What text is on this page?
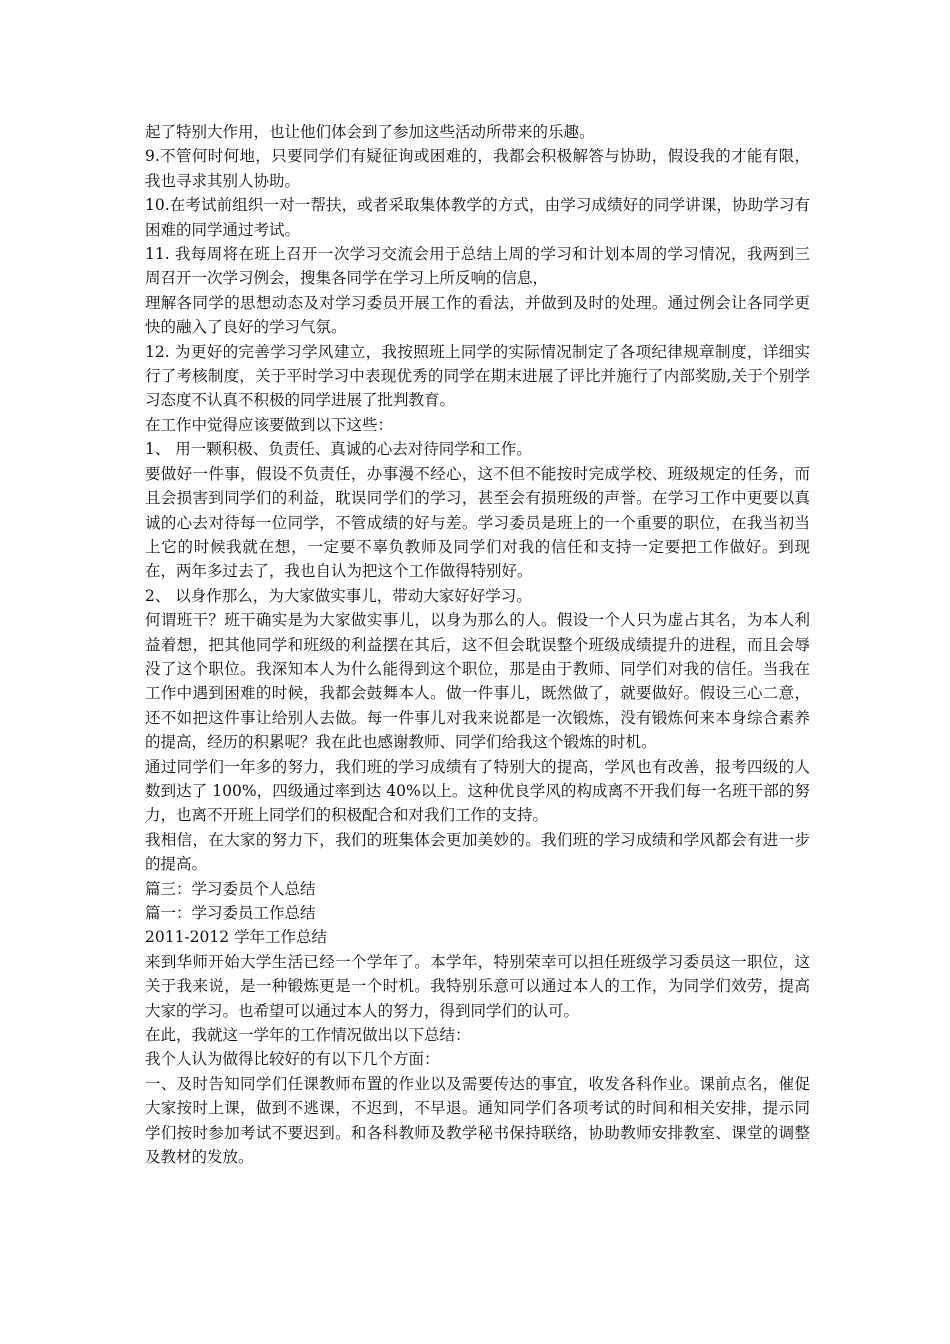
起了特别大作用，也让他们体会到了参加这些活动所带来的乐趣。

9.不管何时何地，只要同学们有疑征询或困难的，我都会积极解答与协助，假设我的才能有限，我也寻求其别人协助。

10.在考试前组织一对一帮扶，或者采取集体教学的方式，由学习成绩好的同学讲课，协助学习有困难的同学通过考试。

11. 我每周将在班上召开一次学习交流会用于总结上周的学习和计划本周的学习情况，我两到三周召开一次学习例会，搜集各同学在学习上所反响的信息，

理解各同学的思想动态及对学习委员开展工作的看法，并做到及时的处理。通过例会让各同学更快的融入了良好的学习气氛。

12. 为更好的完善学习学风建立，我按照班上同学的实际情况制定了各项纪律规章制度，详细实行了考核制度，关于平时学习中表现优秀的同学在期末进展了评比并施行了内部奖励,关于个别学习态度不认真不积极的同学进展了批判教育。

在工作中觉得应该要做到以下这些：

1、 用一颗积极、负责任、真诚的心去对待同学和工作。

要做好一件事，假设不负责任，办事漫不经心，这不但不能按时完成学校、班级规定的任务，而且会损害到同学们的利益，耽误同学们的学习，甚至会有损班级的声誉。在学习工作中更要以真诚的心去对待每一位同学，不管成绩的好与差。学习委员是班上的一个重要的职位，在我当初当上它的时候我就在想，一定要不辜负教师及同学们对我的信任和支持一定要把工作做好。到现在，两年多过去了，我也自认为把这个工作做得特别好。

2、 以身作那么，为大家做实事儿，带动大家好好学习。

何谓班干？班干确实是为大家做实事儿，以身为那么的人。假设一个人只为虚占其名，为本人利益着想，把其他同学和班级的利益摆在其后，这不但会耽误整个班级成绩提升的进程，而且会辱没了这个职位。我深知本人为什么能得到这个职位，那是由于教师、同学们对我的信任。当我在工作中遇到困难的时候，我都会鼓舞本人。做一件事儿，既然做了，就要做好。假设三心二意，还不如把这件事让给别人去做。每一件事儿对我来说都是一次锻炼，没有锻炼何来本身综合素养的提高，经历的积累呢？我在此也感谢教师、同学们给我这个锻炼的时机。

通过同学们一年多的努力，我们班的学习成绩有了特别大的提高，学风也有改善，报考四级的人数到达了 100%，四级通过率到达 40%以上。这种优良学风的构成离不开我们每一名班干部的努力，也离不开班上同学们的积极配合和对我们工作的支持。

我相信，在大家的努力下，我们的班集体会更加美妙的。我们班的学习成绩和学风都会有进一步的提高。

篇三：学习委员个人总结

篇一：学习委员工作总结

2011-2012 学年工作总结

来到华师开始大学生活已经一个学年了。本学年，特别荣幸可以担任班级学习委员这一职位，这关于我来说，是一种锻炼更是一个时机。我特别乐意可以通过本人的工作，为同学们效劳，提高大家的学习。也希望可以通过本人的努力，得到同学们的认可。

在此，我就这一学年的工作情况做出以下总结：

我个人认为做得比较好的有以下几个方面：

一、及时告知同学们任课教师布置的作业以及需要传达的事宜，收发各科作业。课前点名，催促大家按时上课，做到不逃课，不迟到，不早退。通知同学们各项考试的时间和相关安排，提示同学们按时参加考试不要迟到。和各科教师及教学秘书保持联络，协助教师安排教室、课堂的调整及教材的发放。
